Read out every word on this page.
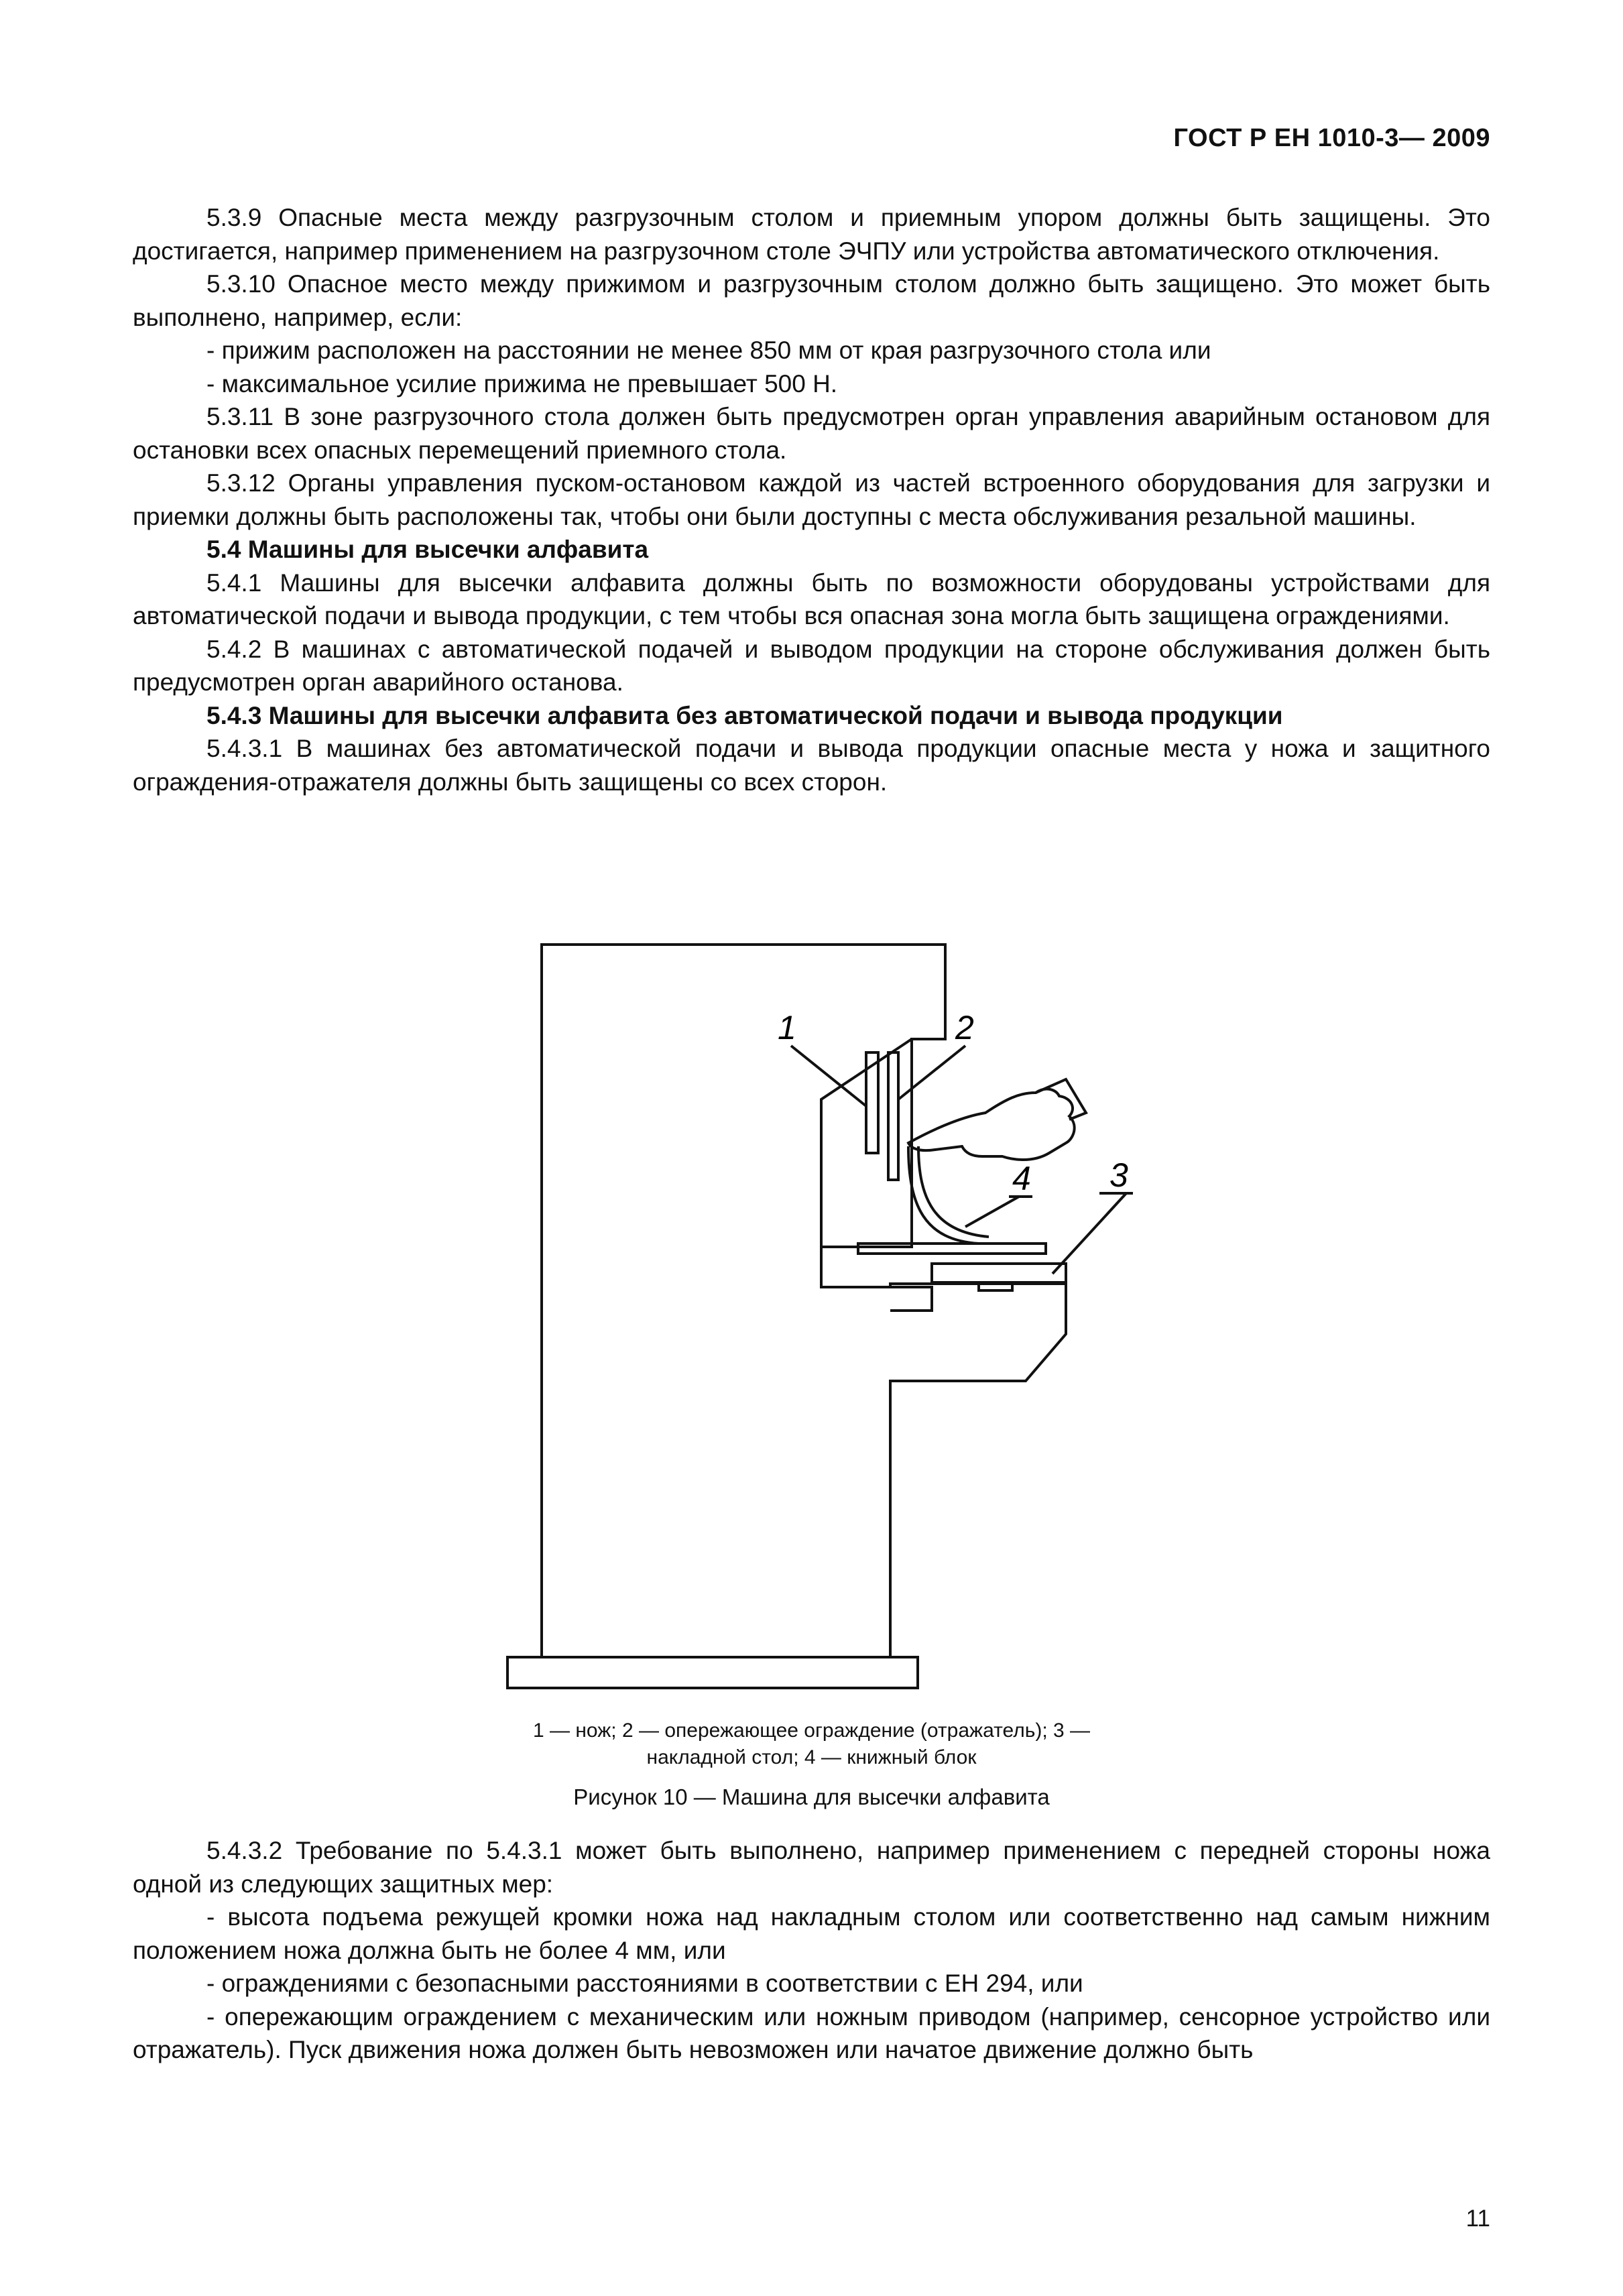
ГОСТ Р ЕН 1010-3— 2009

5.3.9 Опасные места между разгрузочным столом и приемным упором должны быть защищены. Это достигается, например применением на разгрузочном столе ЭЧПУ или устройства автоматического отключения.

5.3.10 Опасное место между прижимом и разгрузочным столом должно быть защищено. Это может быть выполнено, например, если:

- прижим расположен на расстоянии не менее 850 мм от края разгрузочного стола или

- максимальное усилие прижима не превышает 500 Н.

5.3.11 В зоне разгрузочного стола должен быть предусмотрен орган управления аварийным остановом для остановки всех опасных перемещений приемного стола.

5.3.12 Органы управления пуском-остановом каждой из частей встроенного оборудования для загрузки и приемки должны быть расположены так, чтобы они были доступны с места обслуживания резальной машины.

5.4 Машины для высечки алфавита

5.4.1 Машины для высечки алфавита должны быть по возможности оборудованы устройствами для автоматической подачи и вывода продукции, с тем чтобы вся опасная зона могла быть защищена ограждениями.

5.4.2 В машинах с автоматической подачей и выводом продукции на стороне обслуживания должен быть предусмотрен орган аварийного останова.

5.4.3 Машины для высечки алфавита без автоматической подачи и вывода продукции

5.4.3.1 В машинах без автоматической подачи и вывода продукции опасные места у ножа и защитного ограждения-отражателя должны быть защищены со всех сторон.

1	2
3
4
1 — нож; 2 — опережающее ограждение (отражатель); 3 —
накладной стол; 4 — книжный блок
Рисунок 10 — Машина для высечки алфавита

5.4.3.2 Требование по 5.4.3.1 может быть выполнено, например применением с передней стороны ножа одной из следующих защитных мер:

- высота подъема режущей кромки ножа над накладным столом или соответственно над самым нижним положением ножа должна быть не более 4 мм, или

- ограждениями с безопасными расстояниями в соответствии с ЕН 294, или

- опережающим ограждением с механическим или ножным приводом (например, сенсорное устройство или отражатель). Пуск движения ножа должен быть невозможен или начатое движение должно быть

11
